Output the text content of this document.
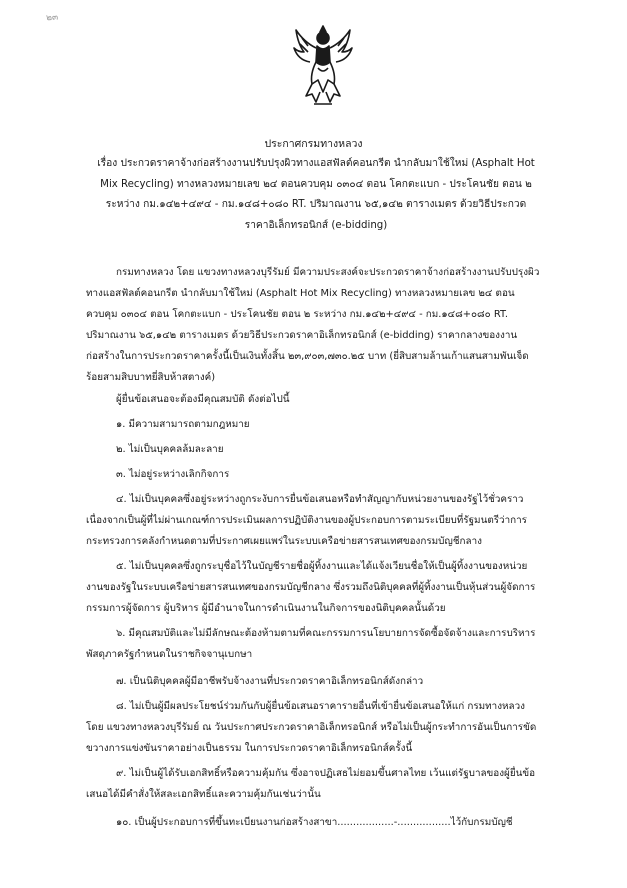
๒๓
ประกาศกรมทางหลวง
เรื่อง ประกวดราคาจ้างก่อสร้างงานปรับปรุงผิวทางแอสฟัลต์คอนกรีต นำกลับมาใช้ใหม่ (Asphalt Hot Mix Recycling) ทางหลวงหมายเลข ๒๔ ตอนควบคุม ๐๓๐๔ ตอน โคกตะแบก - ประโคนชัย ตอน ๒ ระหว่าง กม.๑๔๒+๔๙๔ - กม.๑๔๘+๐๘๐ RT. ปริมาณงาน ๖๕,๑๔๒ ตารางเมตร ด้วยวิธีประกวดราคาอิเล็กทรอนิกส์ (e-bidding)
กรมทางหลวง โดย แขวงทางหลวงบุรีรัมย์ มีความประสงค์จะประกวดราคาจ้างก่อสร้างงานปรับปรุงผิวทางแอสฟัลต์คอนกรีต นำกลับมาใช้ใหม่ (Asphalt Hot Mix Recycling) ทางหลวงหมายเลข ๒๔ ตอนควบคุม ๐๓๐๔ ตอน โคกตะแบก - ประโคนชัย ตอน ๒ ระหว่าง กม.๑๔๒+๔๙๔ - กม.๑๔๘+๐๘๐ RT. ปริมาณงาน ๖๕,๑๔๒ ตารางเมตร ด้วยวิธีประกวดราคาอิเล็กทรอนิกส์ (e-bidding) ราคากลางของงานก่อสร้างในการประกวดราคาครั้งนี้เป็นเงินทั้งสิ้น ๒๓,๙๐๓,๗๓๐.๒๕ บาท (ยี่สิบสามล้านเก้าแสนสามพันเจ็ดร้อยสามสิบบาทยี่สิบห้าสตางค์)
ผู้ยื่นข้อเสนอจะต้องมีคุณสมบัติ ดังต่อไปนี้
๑. มีความสามารถตามกฎหมาย
๒. ไม่เป็นบุคคลล้มละลาย
๓. ไม่อยู่ระหว่างเลิกกิจการ
๔. ไม่เป็นบุคคลซึ่งอยู่ระหว่างถูกระงับการยื่นข้อเสนอหรือทำสัญญากับหน่วยงานของรัฐไว้ชั่วคราว เนื่องจากเป็นผู้ที่ไม่ผ่านเกณฑ์การประเมินผลการปฏิบัติงานของผู้ประกอบการตามระเบียบที่รัฐมนตรีว่าการกระทรวงการคลังกำหนดตามที่ประกาศเผยแพร่ในระบบเครือข่ายสารสนเทศของกรมบัญชีกลาง
๕. ไม่เป็นบุคคลซึ่งถูกระบุชื่อไว้ในบัญชีรายชื่อผู้ทิ้งงานและได้แจ้งเวียนชื่อให้เป็นผู้ทิ้งงานของหน่วยงานของรัฐในระบบเครือข่ายสารสนเทศของกรมบัญชีกลาง ซึ่งรวมถึงนิติบุคคลที่ผู้ทิ้งงานเป็นหุ้นส่วนผู้จัดการ กรรมการผู้จัดการ ผู้บริหาร ผู้มีอำนาจในการดำเนินงานในกิจการของนิติบุคคลนั้นด้วย
๖. มีคุณสมบัติและไม่มีลักษณะต้องห้ามตามที่คณะกรรมการนโยบายการจัดซื้อจัดจ้างและการบริหารพัสดุภาครัฐกำหนดในราชกิจจานุเบกษา
๗. เป็นนิติบุคคลผู้มีอาชีพรับจ้างงานที่ประกวดราคาอิเล็กทรอนิกส์ดังกล่าว
๘. ไม่เป็นผู้มีผลประโยชน์ร่วมกันกับผู้ยื่นข้อเสนอราคารายอื่นที่เข้ายื่นข้อเสนอให้แก่ กรมทางหลวง โดย แขวงทางหลวงบุรีรัมย์ ณ วันประกาศประกวดราคาอิเล็กทรอนิกส์ หรือไม่เป็นผู้กระทำการอันเป็นการขัดขวางการแข่งขันราคาอย่างเป็นธรรม ในการประกวดราคาอิเล็กทรอนิกส์ครั้งนี้
๙. ไม่เป็นผู้ได้รับเอกสิทธิ์หรือความคุ้มกัน ซึ่งอาจปฏิเสธไม่ยอมขึ้นศาลไทย เว้นแต่รัฐบาลของผู้ยื่นข้อเสนอได้มีคำสั่งให้สละเอกสิทธิ์และความคุ้มกันเช่นว่านั้น
๑๐. เป็นผู้ประกอบการที่ขึ้นทะเบียนงานก่อสร้างสาขา..................-.................ไว้กับกรมบัญชี
